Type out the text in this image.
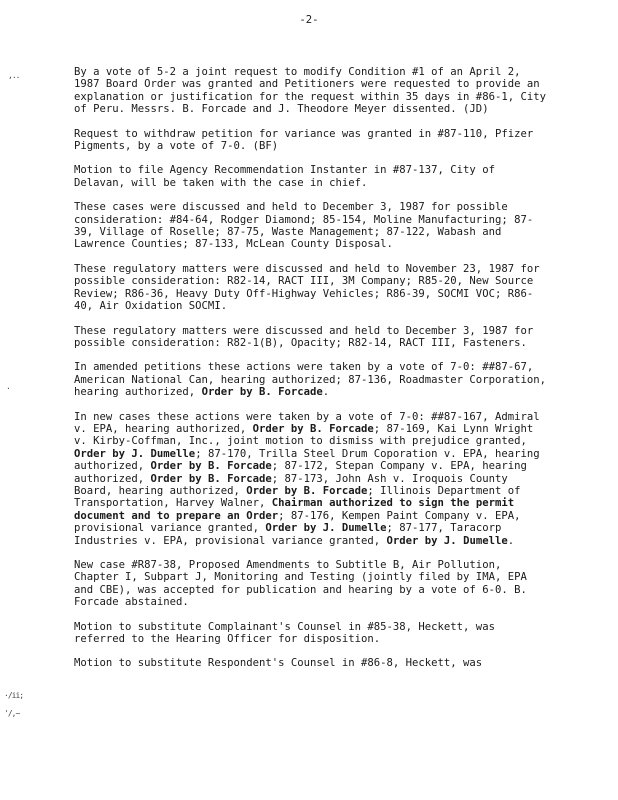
-2-
,..
·
·/ii;
'/,~

By a vote of 5-2 a joint request to modify Condition #1 of an April 2, 1987 Board Order was granted and Petitioners were requested to provide an explanation or justification for the request within 35 days in #86-1, City of Peru. Messrs. B. Forcade and J. Theodore Meyer dissented. (JD)

Request to withdraw petition for variance was granted in #87-110, Pfizer Pigments, by a vote of 7-0. (BF)

Motion to file Agency Recommendation Instanter in #87-137, City of Delavan, will be taken with the case in chief.

These cases were discussed and held to December 3, 1987 for possible consideration: #84-64, Rodger Diamond; 85-154, Moline Manufacturing; 87-39, Village of Roselle; 87-75, Waste Management; 87-122, Wabash and Lawrence Counties; 87-133, McLean County Disposal.

These regulatory matters were discussed and held to November 23, 1987 for possible consideration: R82-14, RACT III, 3M Company; R85-20, New Source Review; R86-36, Heavy Duty Off-Highway Vehicles; R86-39, SOCMI VOC; R86-40, Air Oxidation SOCMI.

These regulatory matters were discussed and held to December 3, 1987 for possible consideration: R82-1(B), Opacity; R82-14, RACT III, Fasteners.

In amended petitions these actions were taken by a vote of 7-0: ##87-67, American National Can, hearing authorized; 87-136, Roadmaster Corporation, hearing authorized, Order by B. Forcade.

In new cases these actions were taken by a vote of 7-0: ##87-167, Admiral v. EPA, hearing authorized, Order by B. Forcade; 87-169, Kai Lynn Wright v. Kirby-Coffman, Inc., joint motion to dismiss with prejudice granted, Order by J. Dumelle; 87-170, Trilla Steel Drum Coporation v. EPA, hearing authorized, Order by B. Forcade; 87-172, Stepan Company v. EPA, hearing authorized, Order by B. Forcade; 87-173, John Ash v. Iroquois County Board, hearing authorized, Order by B. Forcade; Illinois Department of Transportation, Harvey Walner, Chairman authorized to sign the permit document and to prepare an Order; 87-176, Kempen Paint Company v. EPA, provisional variance granted, Order by J. Dumelle; 87-177, Taracorp Industries v. EPA, provisional variance granted, Order by J. Dumelle.

New case #R87-38, Proposed Amendments to Subtitle B, Air Pollution, Chapter I, Subpart J, Monitoring and Testing (jointly filed by IMA, EPA and CBE), was accepted for publication and hearing by a vote of 6-0. B. Forcade abstained.

Motion to substitute Complainant's Counsel in #85-38, Heckett, was referred to the Hearing Officer for disposition.

Motion to substitute Respondent's Counsel in #86-8, Heckett, was
